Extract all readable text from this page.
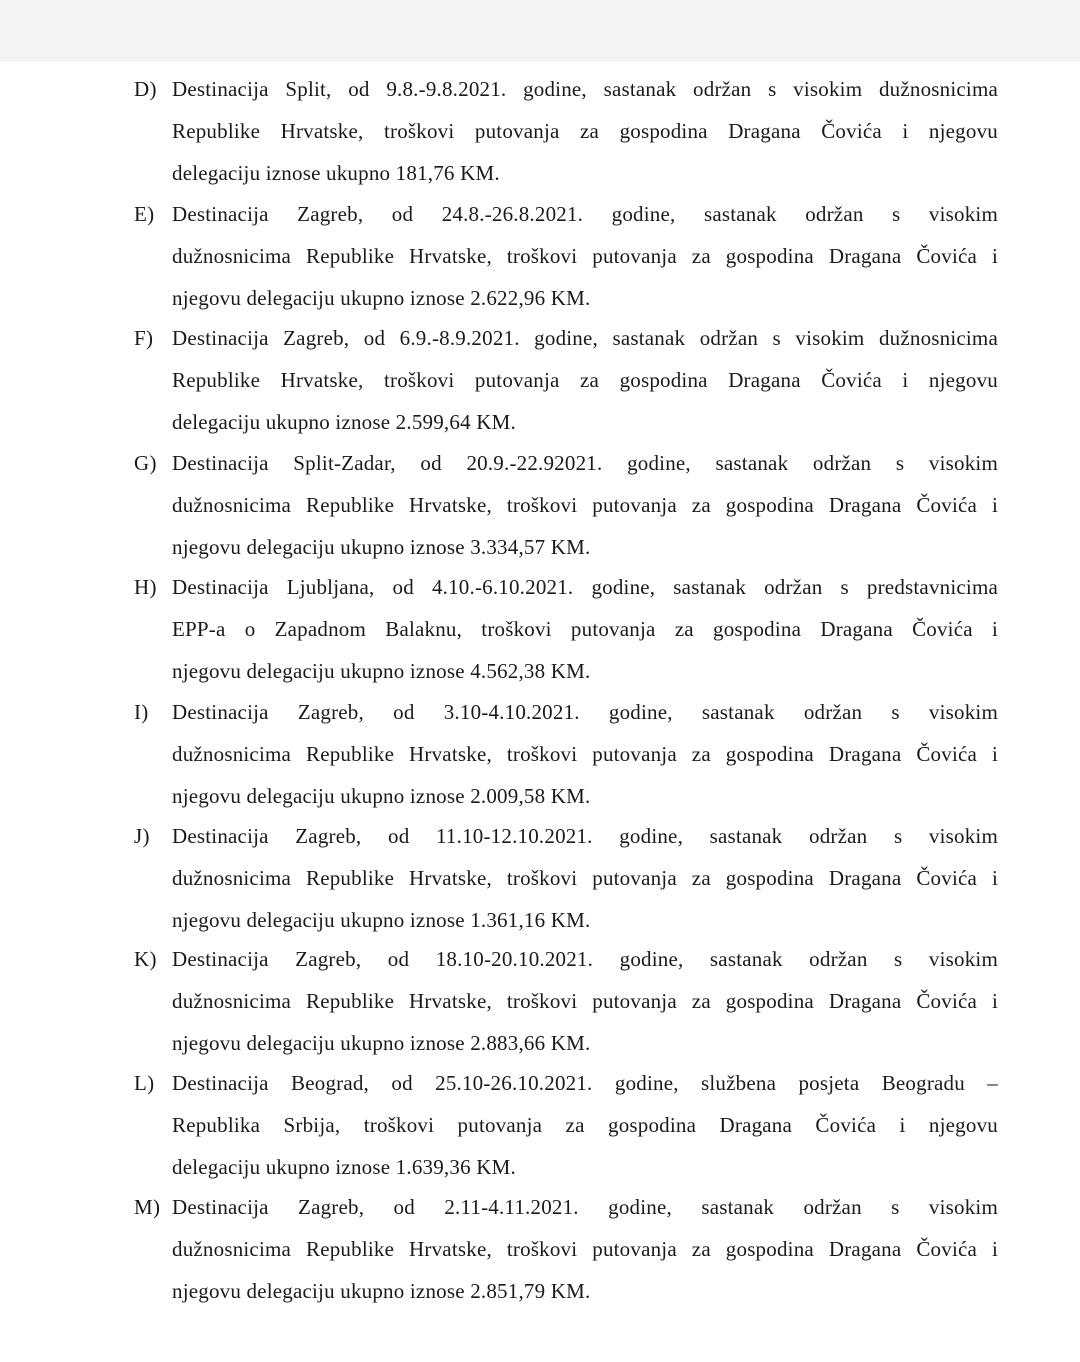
D) Destinacija Split, od 9.8.-9.8.2021. godine, sastanak održan s visokim dužnosnicima
Republike Hrvatske, troškovi putovanja za gospodina Dragana Čovića i njegovu
delegaciju iznose ukupno 181,76 KM.
E) Destinacija Zagreb, od 24.8.-26.8.2021. godine, sastanak održan s visokim
dužnosnicima Republike Hrvatske, troškovi putovanja za gospodina Dragana Čovića i
njegovu delegaciju ukupno iznose 2.622,96 KM.
F) Destinacija Zagreb, od 6.9.-8.9.2021. godine, sastanak održan s visokim dužnosnicima
Republike Hrvatske, troškovi putovanja za gospodina Dragana Čovića i njegovu
delegaciju ukupno iznose 2.599,64 KM.
G) Destinacija Split-Zadar, od 20.9.-22.92021. godine, sastanak održan s visokim
dužnosnicima Republike Hrvatske, troškovi putovanja za gospodina Dragana Čovića i
njegovu delegaciju ukupno iznose 3.334,57 KM.
H) Destinacija Ljubljana, od 4.10.-6.10.2021. godine, sastanak održan s predstavnicima
EPP-a o Zapadnom Balaknu, troškovi putovanja za gospodina Dragana Čovića i
njegovu delegaciju ukupno iznose 4.562,38 KM.
I)	Destinacija Zagreb, od 3.10-4.10.2021. godine, sastanak održan s visokim
dužnosnicima Republike Hrvatske, troškovi putovanja za gospodina Dragana Čovića i
njegovu delegaciju ukupno iznose 2.009,58 KM.
J)	Destinacija Zagreb, od 11.10-12.10.2021. godine, sastanak održan s visokim
dužnosnicima Republike Hrvatske, troškovi putovanja za gospodina Dragana Čovića i
njegovu delegaciju ukupno iznose 1.361,16 KM.
K) Destinacija Zagreb, od 18.10-20.10.2021. godine, sastanak održan s visokim
dužnosnicima Republike Hrvatske, troškovi putovanja za gospodina Dragana Čovića i
njegovu delegaciju ukupno iznose 2.883,66 KM.
L) Destinacija Beograd, od 25.10-26.10.2021. godine, službena posjeta Beogradu –
Republika Srbija, troškovi putovanja za gospodina Dragana Čovića i njegovu
delegaciju ukupno iznose 1.639,36 KM.
M) Destinacija Zagreb, od 2.11-4.11.2021. godine, sastanak održan s visokim
dužnosnicima Republike Hrvatske, troškovi putovanja za gospodina Dragana Čovića i
njegovu delegaciju ukupno iznose 2.851,79 KM.
